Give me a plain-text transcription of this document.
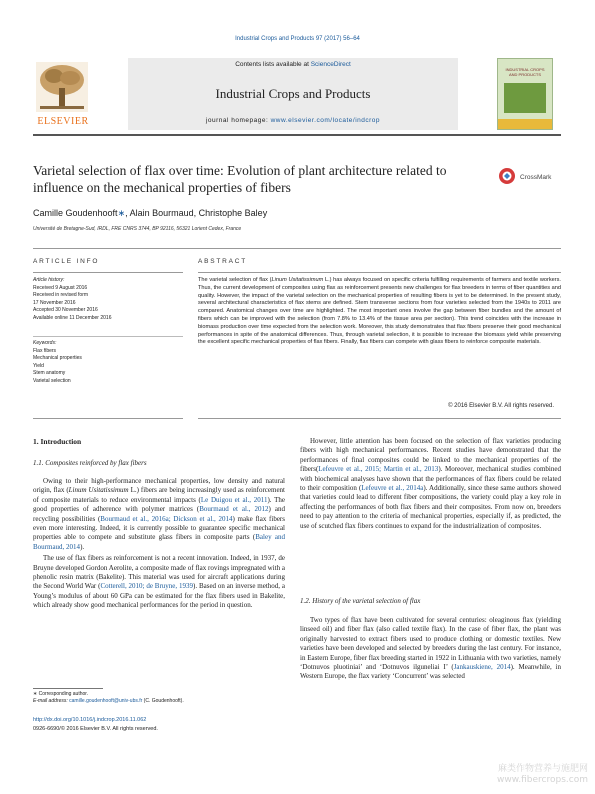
Industrial Crops and Products 97 (2017) 56–64
Contents lists available at ScienceDirect
Industrial Crops and Products
journal homepage: www.elsevier.com/locate/indcrop
ELSEVIER
INDUSTRIAL CROPS AND PRODUCTS
Varietal selection of flax over time: Evolution of plant architecture related to influence on the mechanical properties of fibers
CrossMark
Camille Goudenhooft∗, Alain Bourmaud, Christophe Baley
Université de Bretagne-Sud, IRDL, FRE CNRS 3744, BP 92116, 56321 Lorient Cedex, France
ARTICLE INFO	ABSTRACT
Article history:
Received 9 August 2016
Received in revised form
17 November 2016
Accepted 30 November 2016
Available online 11 December 2016
Keywords:
Flax fibers
Mechanical properties
Yield
Stem anatomy
Varietal selection
The varietal selection of flax (Linum Usitatissimum L.) has always focused on specific criteria fulfilling requirements of farmers and textile workers. Thus, the current development of composites using flax as reinforcement presents new challenges for flax breeders in terms of fiber quantities and quality. However, the impact of the varietal selection on the mechanical properties of resulting fibers is yet to be determined. In the present study, several architectural characteristics of flax stems are defined. Stem transverse sections from four varieties selected from the 1940s to 2011 are compared. Anatomical changes over time are highlighted. The most important ones involve the gap between fiber bundles and the amount of fibers which can be improved with the selection (from 7.8% to 13.4% of the tissue area per section). This trend coincides with the increase in biomass production over time expected from the selection work. Moreover, this study demonstrates that flax fibers preserve their good mechanical performances in spite of the anatomical differences. Thus, through varietal selection, it is possible to increase the biomass yield while preserving the excellent specific mechanical properties of flax fibers. Finally, flax fibers can compete with glass fibers to reinforce composite materials.
© 2016 Elsevier B.V. All rights reserved.
1. Introduction
1.1. Composites reinforced by flax fibers

Owing to their high-performance mechanical properties, low density and natural origin, flax (Linum Usitatissimum L.) fibers are being increasingly used as reinforcement of composite materials to reduce environmental impacts (Le Duigou et al., 2011). The good properties of adherence with polymer matrices (Bourmaud et al., 2012) and recycling possibilities (Bourmaud et al., 2016a; Dickson et al., 2014) make flax fibers even more interesting. Indeed, it is currently possible to guarantee specific mechanical properties able to compete and substitute glass fibers in composite parts (Baley and Bourmaud, 2014).

The use of flax fibers as reinforcement is not a recent innovation. Indeed, in 1937, de Bruyne developed Gordon Aerolite, a composite made of flax rovings impregnated with a phenolic resin matrix (Bakelite). This material was used for aircraft applications during the Second World War (Cotterell, 2010; de Bruyne, 1939). Based on an inverse method, a Young’s modulus of about 60 GPa can be estimated for the flax fibers used in Bakelite, which already show good mechanical performances for the period in question.

However, little attention has been focused on the selection of flax varieties producing fibers with high mechanical performances. Recent studies have demonstrated that the performances of final composites could be linked to the mechanical properties of the fibers(Lefeuvre et al., 2015; Martin et al., 2013). Moreover, mechanical studies combined with biochemical analyses have shown that the performances of flax fibers could be related to their composition (Lefeuvre et al., 2014a). Additionally, since these same authors showed that varieties could lead to different fiber compositions, the variety could play a key role in affecting the performances of both flax fibers and their composites. From now on, breeders need to pay attention to the criteria of mechanical properties, especially if, as predicted, the use of scutched flax fibers continues to expand for the industrialization of composites.

1.2. History of the varietal selection of flax

Two types of flax have been cultivated for several centuries: oleaginous flax (yielding linseed oil) and fiber flax (also called textile flax). In the case of fiber flax, the plant was originally harvested to extract fibers used to produce clothing or domestic textiles. New varieties have been developed and selected by breeders during the last century. For instance, in Eastern Europe, fiber flax breeding started in 1922 in Lithuania with two varieties, namely ‘Dotnuvos pluotiniai’ and ‘Dotnuvos ilguneliai I’ (Jankauskiene, 2014). Meanwhile, in Western Europe, the flax variety ‘Concurrent’ was selected

∗ Corresponding author.
E-mail address: camille.goudenhooft@univ-ubs.fr (C. Goudenhooft).
http://dx.doi.org/10.1016/j.indcrop.2016.11.062
0926-6690/© 2016 Elsevier B.V. All rights reserved.
麻类作物营养与施肥网
www.fibercrops.com
